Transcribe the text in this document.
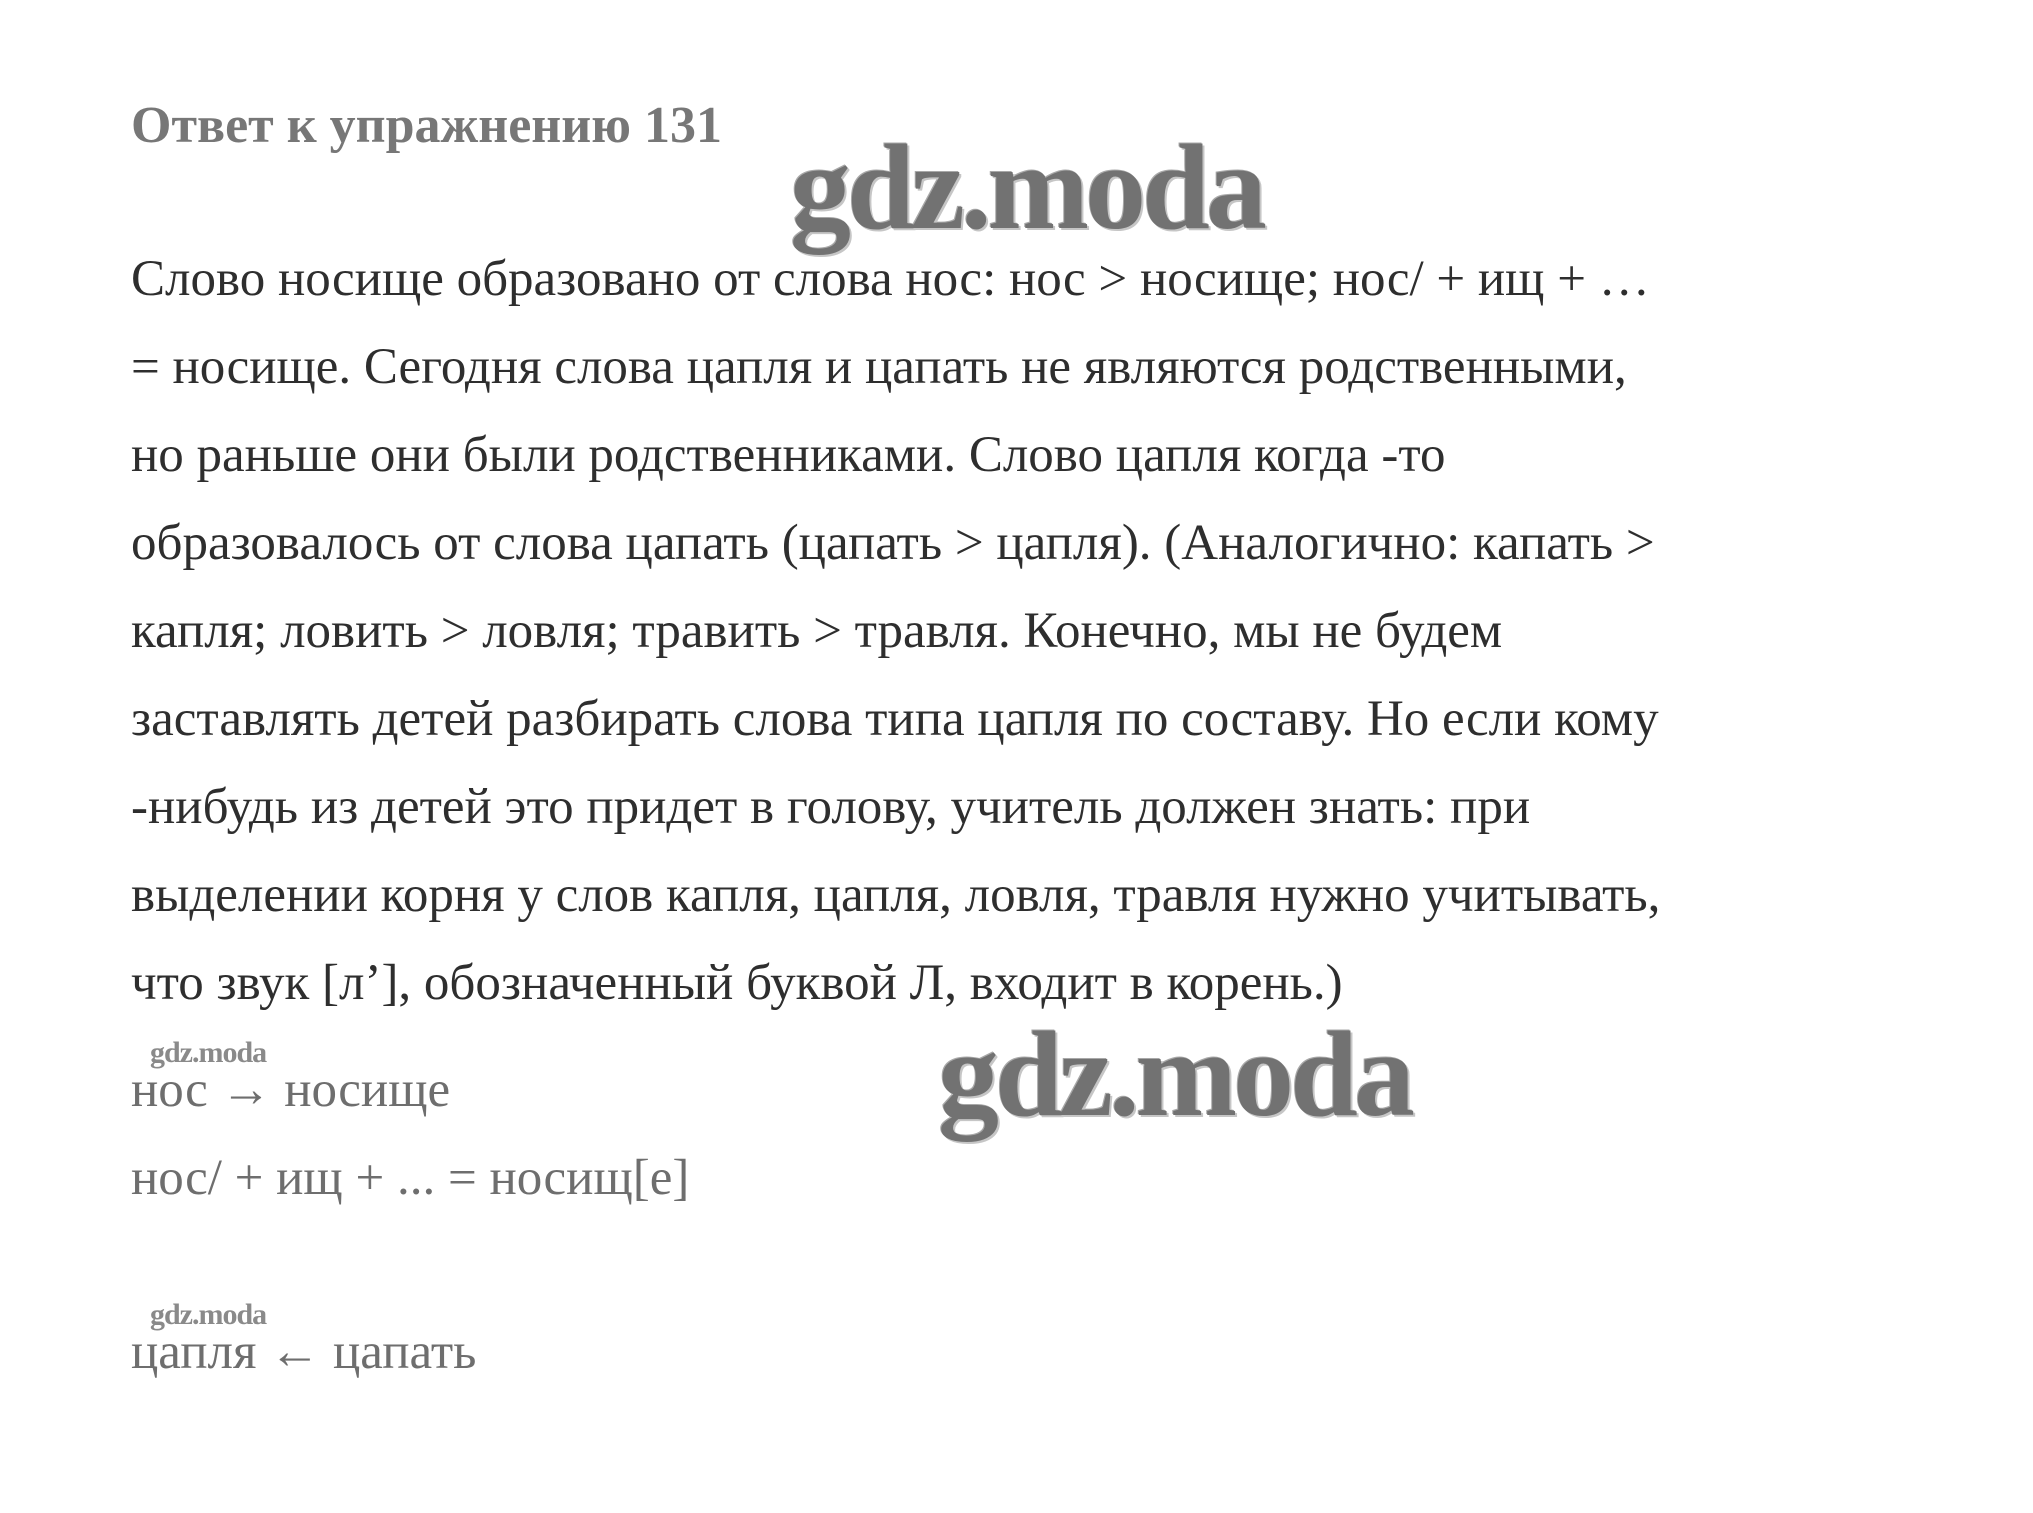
Ответ к упражнению 131 gdz.moda
Слово носище образовано от слова нос: нос > носище; нос/ + ищ + …
= носище. Сегодня слова цапля и цапать не являются родственными,
но раньше они были родственниками. Слово цапля когда -то
образовалось от слова цапать (цапать > цапля). (Аналогично: капать >
капля; ловить > ловля; травить > травля. Конечно, мы не будем
заставлять детей разбирать слова типа цапля по составу. Но если кому
-нибудь из детей это придет в голову, учитель должен знать: при
выделении корня у слов капля, цапля, ловля, травля нужно учитывать,
что звук [л’], обозначенный буквой Л, входит в корень.)
gdz.moda
нос → носище	gdz.moda
нос/ + ищ + ... = носищ[е]
gdz.moda
цапля ← цапать
